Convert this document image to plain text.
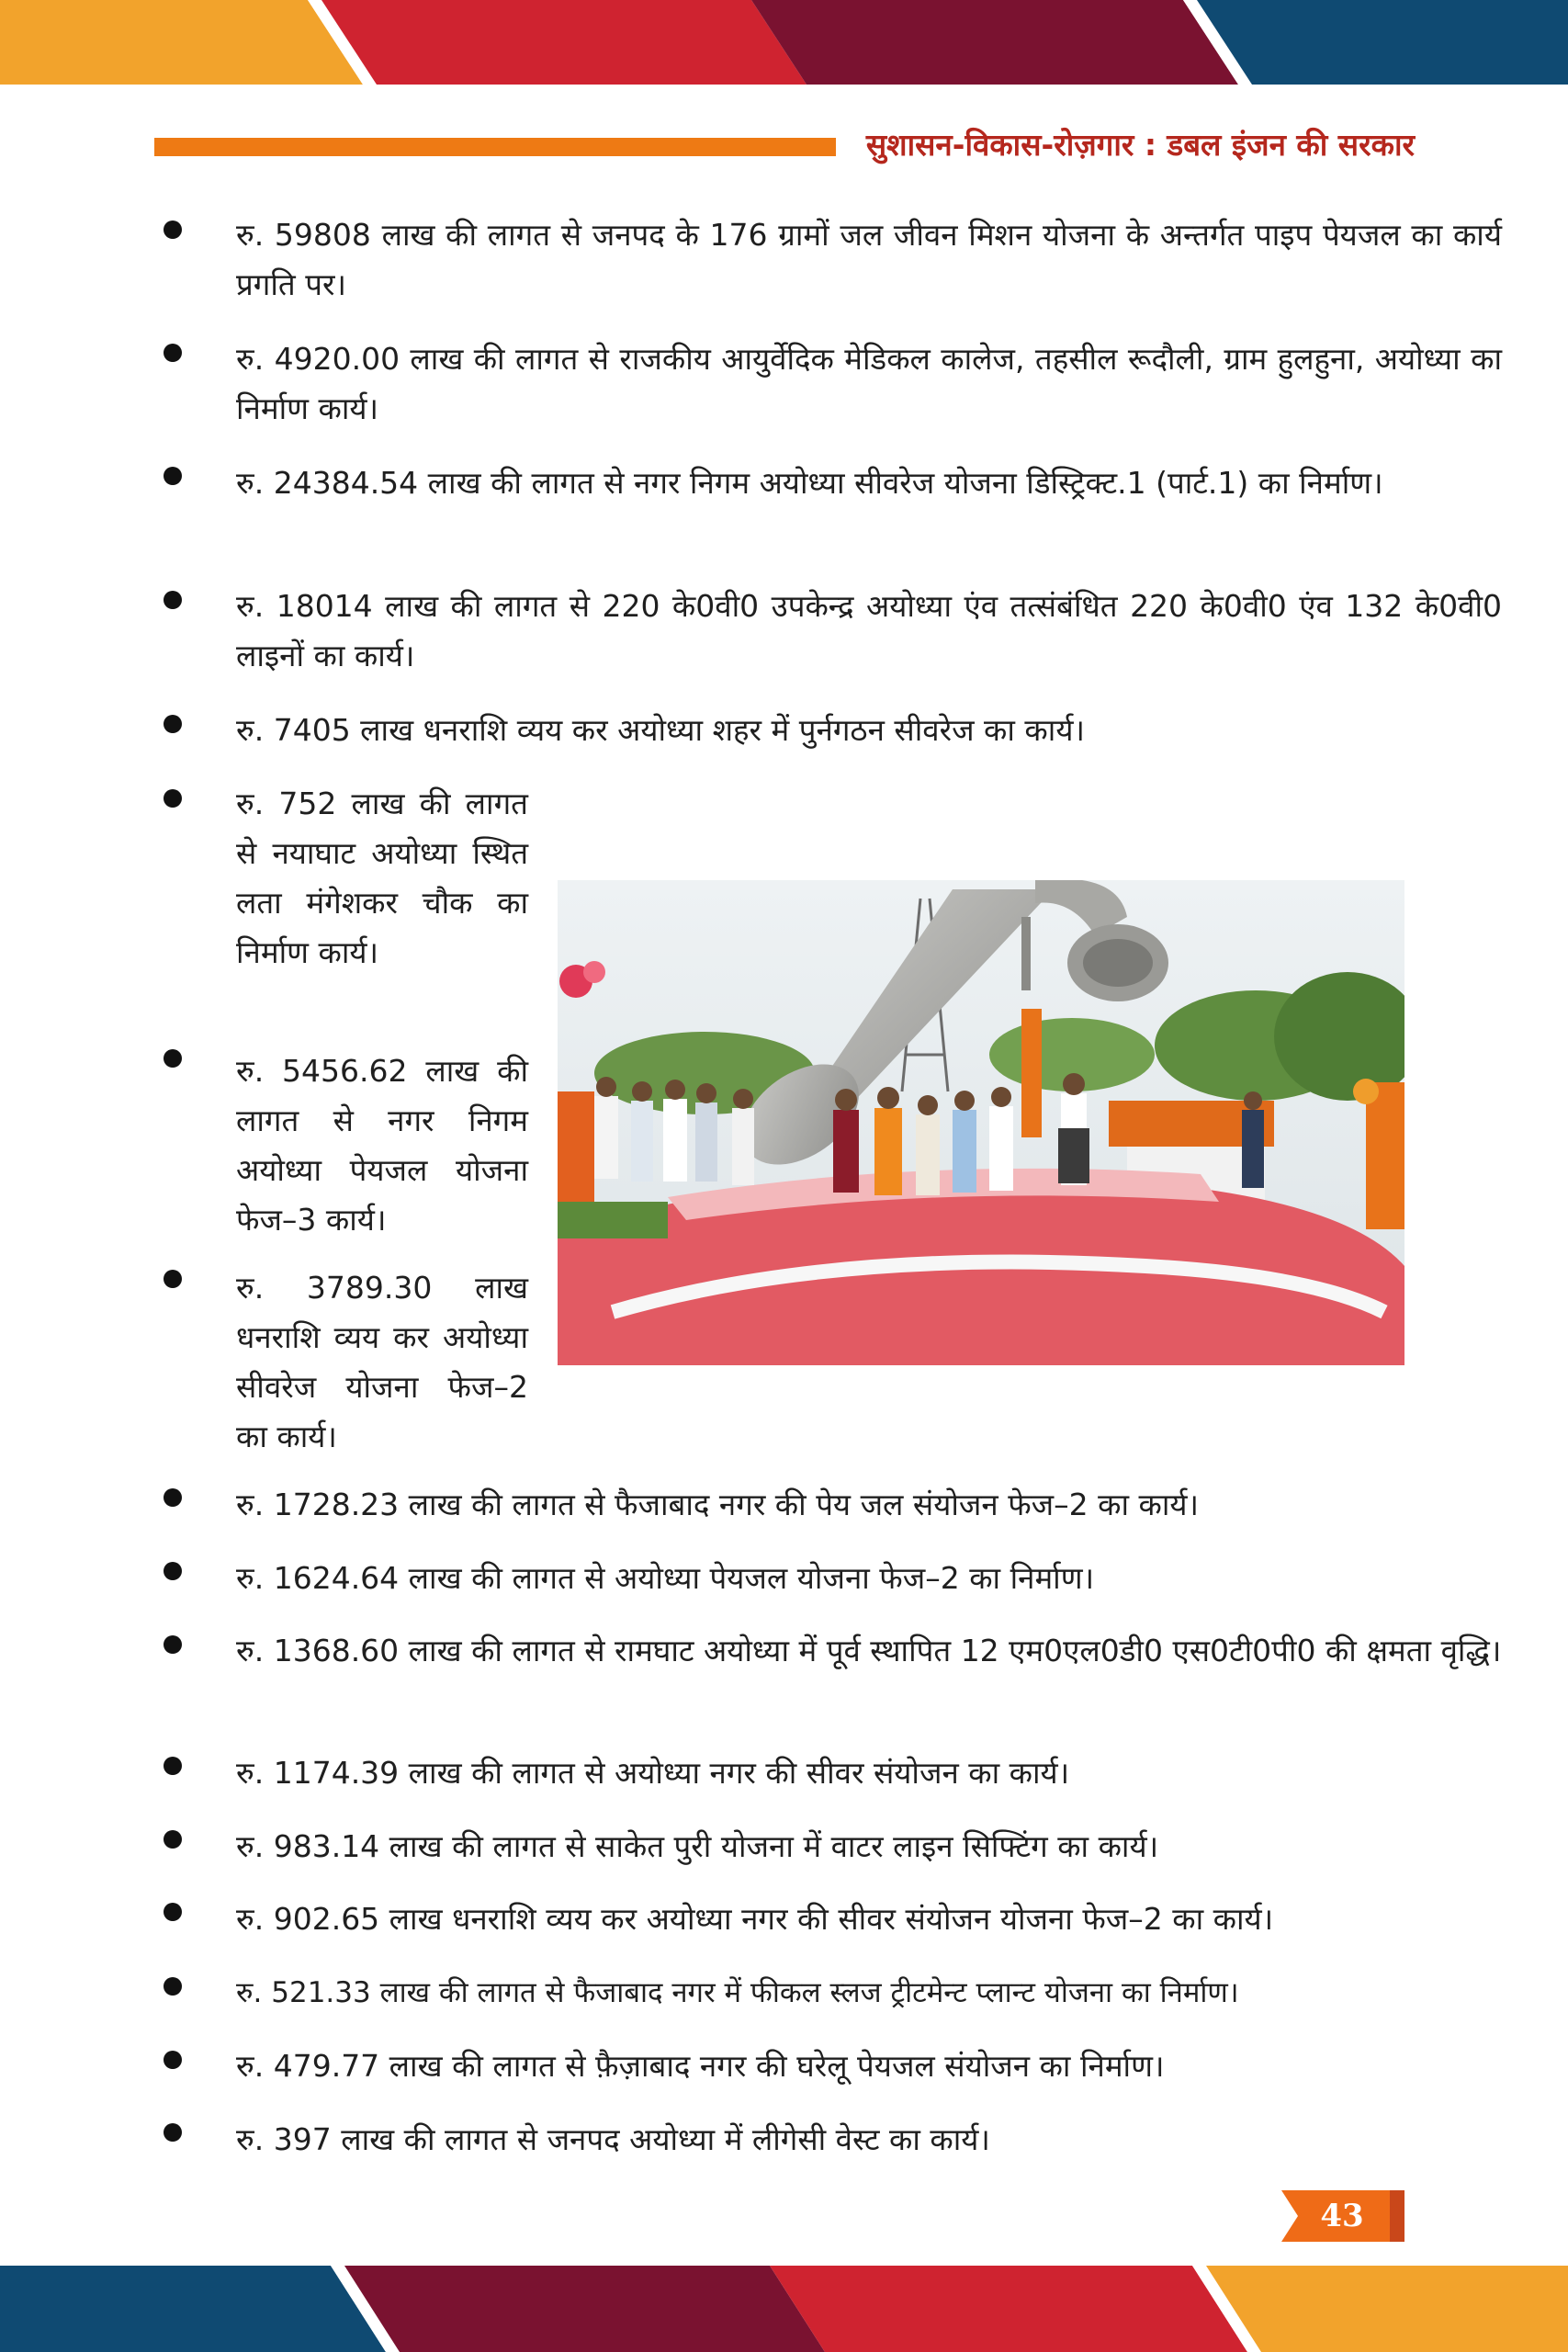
सुशासन-विकास-रोज़गार : डबल इंजन की सरकार
रु. 59808 लाख की लागत से जनपद के 176 ग्रामों जल जीवन मिशन योजना के अन्तर्गत पाइप पेयजल का कार्य प्रगति पर।
रु. 4920.00 लाख की लागत से राजकीय आयुर्वेदिक मेडिकल कालेज, तहसील रूदौली, ग्राम हुलहुना, अयोध्या का निर्माण कार्य।
रु. 24384.54 लाख की लागत से नगर निगम अयोध्या सीवरेज योजना डिस्ट्रिक्ट.1 (पार्ट.1) का निर्माण।
रु. 18014 लाख की लागत से 220 के0वी0 उपकेन्द्र अयोध्या एंव तत्संबंधित 220 के0वी0 एंव 132 के0वी0 लाइनों का कार्य।
रु. 7405 लाख धनराशि व्यय कर अयोध्या शहर में पुर्नगठन सीवरेज का कार्य।
रु. 752 लाख की लागत से नयाघाट अयोध्या स्थित लता मंगेशकर चौक का निर्माण कार्य।
रु. 5456.62 लाख की लागत से नगर निगम अयोध्या पेयजल योजना फेज–3 कार्य।
रु. 3789.30 लाख धनराशि व्यय कर अयोध्या सीवरेज योजना फेज–2 का कार्य।
रु. 1728.23 लाख की लागत से फैजाबाद नगर की पेय जल संयोजन फेज–2 का कार्य।
रु. 1624.64 लाख की लागत से अयोध्या पेयजल योजना फेज–2 का निर्माण।
रु. 1368.60 लाख की लागत से रामघाट अयोध्या में पूर्व स्थापित 12 एम0एल0डी0 एस0टी0पी0 की क्षमता वृद्धि।
रु. 1174.39 लाख की लागत से अयोध्या नगर की सीवर संयोजन का कार्य।
रु. 983.14 लाख की लागत से साकेत पुरी योजना में वाटर लाइन सिफ्टिंग का कार्य।
रु. 902.65 लाख धनराशि व्यय कर अयोध्या नगर की सीवर संयोजन योजना फेज–2 का कार्य।
रु. 521.33 लाख की लागत से फैजाबाद नगर में फीकल स्लज ट्रीटमेन्ट प्लान्ट योजना का निर्माण।
रु. 479.77 लाख की लागत से फ़ैज़ाबाद नगर की घरेलू पेयजल संयोजन का निर्माण।
रु. 397 लाख की लागत से जनपद अयोध्या में लीगेसी वेस्ट का कार्य।
43
